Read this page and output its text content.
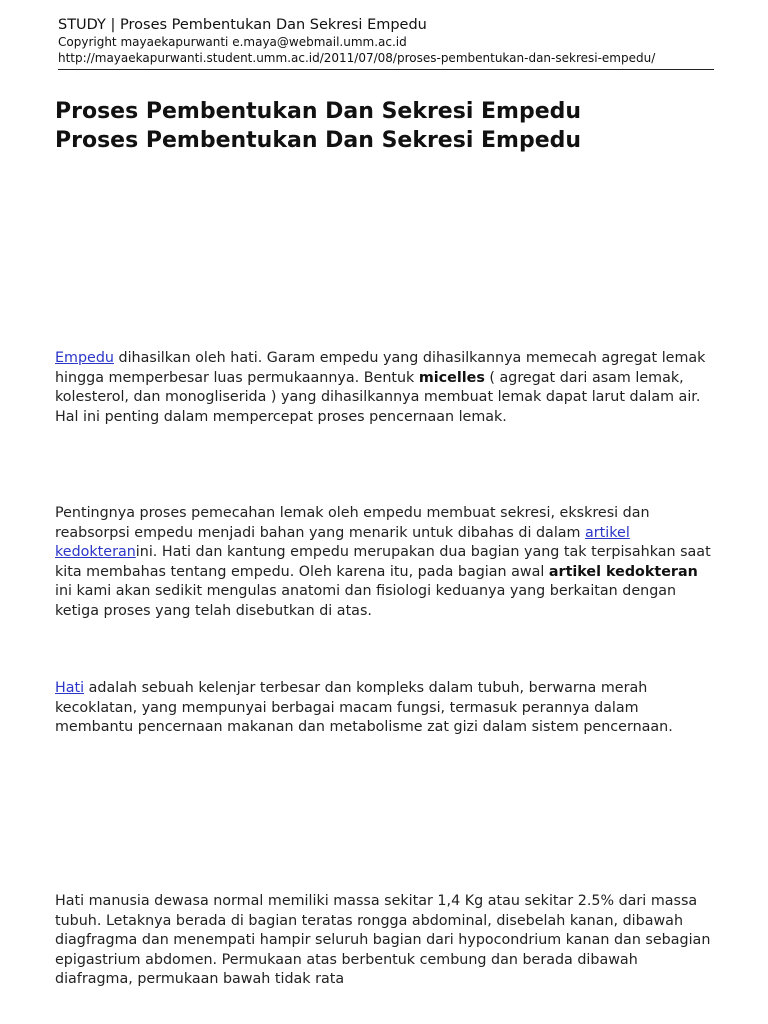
STUDY | Proses Pembentukan Dan Sekresi Empedu
Copyright mayaekapurwanti e.maya@webmail.umm.ac.id
http://mayaekapurwanti.student.umm.ac.id/2011/07/08/proses-pembentukan-dan-sekresi-empedu/
Proses Pembentukan Dan Sekresi Empedu
Proses Pembentukan Dan Sekresi Empedu

Empedu dihasilkan oleh hati. Garam empedu yang dihasilkannya memecah agregat lemak hingga memperbesar luas permukaannya. Bentuk micelles ( agregat dari asam lemak, kolesterol, dan monogliserida ) yang dihasilkannya membuat lemak dapat larut dalam air. Hal ini penting dalam mempercepat proses pencernaan lemak.

Pentingnya proses pemecahan lemak oleh empedu membuat sekresi, ekskresi dan reabsorpsi empedu menjadi bahan yang menarik untuk dibahas di dalam artikel kedokteranini. Hati dan kantung empedu merupakan dua bagian yang tak terpisahkan saat kita membahas tentang empedu. Oleh karena itu, pada bagian awal artikel kedokteran ini kami akan sedikit mengulas anatomi dan fisiologi keduanya yang berkaitan dengan ketiga proses yang telah disebutkan di atas.

Hati adalah sebuah kelenjar terbesar dan kompleks dalam tubuh, berwarna merah kecoklatan, yang mempunyai berbagai macam fungsi, termasuk perannya dalam membantu pencernaan makanan dan metabolisme zat gizi dalam sistem pencernaan.

Hati manusia dewasa normal memiliki massa sekitar 1,4 Kg atau sekitar 2.5% dari massa tubuh. Letaknya berada di bagian teratas rongga abdominal, disebelah kanan, dibawah diagfragma dan menempati hampir seluruh bagian dari hypocondrium kanan dan sebagian epigastrium abdomen. Permukaan atas berbentuk cembung dan berada dibawah diafragma, permukaan bawah tidak rata
